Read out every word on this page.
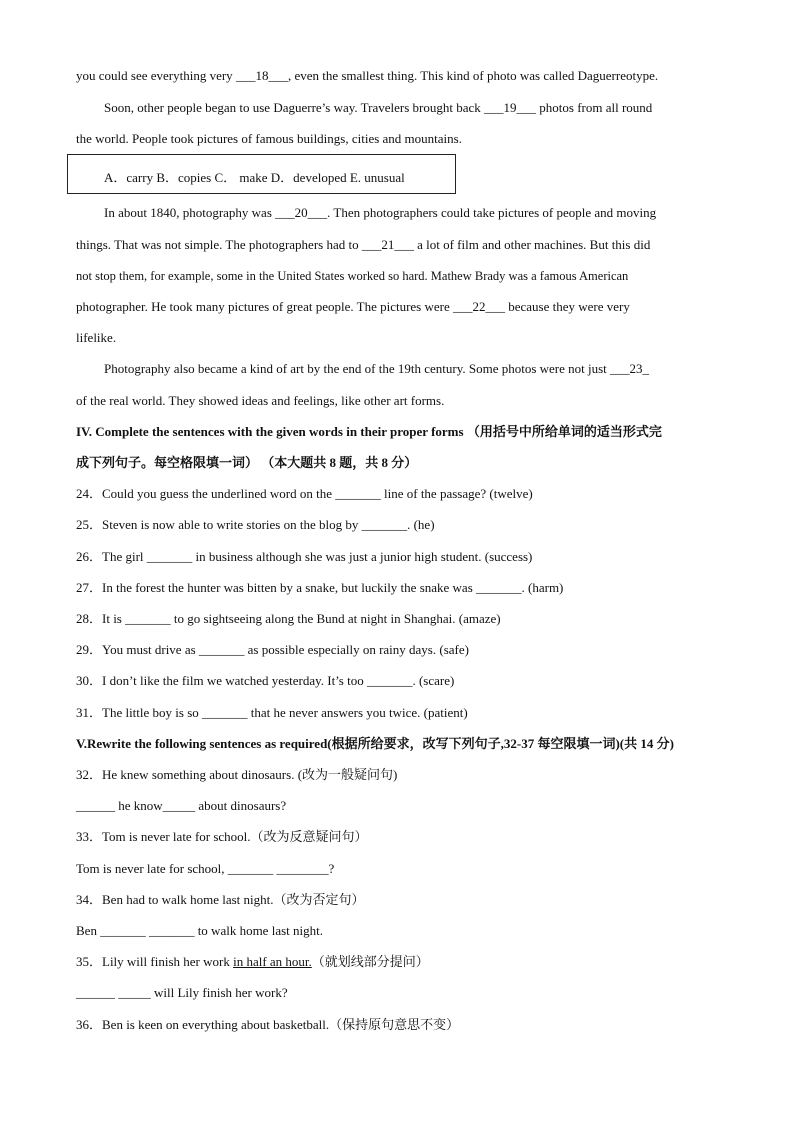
you could see everything very ___18___, even the smallest thing. This kind of photo was called Daguerreotype.
Soon, other people began to use Daguerre’s way. Travelers brought back ___19___ photos from all round
the world. People took pictures of famous buildings, cities and mountains.
A．carry B．copies C． make D．developed E. unusual
In about 1840, photography was ___20___. Then photographers could take pictures of people and moving
things. That was not simple. The photographers had to ___21___ a lot of film and other machines. But this did
not stop them, for example, some in the United States worked so hard. Mathew Brady was a famous American
photographer. He took many pictures of great people. The pictures were ___22___ because they were very
lifelike.
Photography also became a kind of art by the end of the 19th century. Some photos were not just ___23_
of the real world. They showed ideas and feelings, like other art forms.
IV. Complete the sentences with the given words in their proper forms （用括号中所给单词的适当形式完
成下列句子。每空格限填一词） （本大题共 8 题，共 8 分）
24．Could you guess the underlined word on the _______ line of the passage? (twelve)
25．Steven is now able to write stories on the blog by _______. (he)
26．The girl _______ in business although she was just a junior high student. (success)
27．In the forest the hunter was bitten by a snake, but luckily the snake was _______. (harm)
28．It is _______ to go sightseeing along the Bund at night in Shanghai. (amaze)
29．You must drive as _______ as possible especially on rainy days. (safe)
30．I don’t like the film we watched yesterday. It’s too _______. (scare)
31．The little boy is so _______ that he never answers you twice. (patient)
V.Rewrite the following sentences as required(根据所给要求，改写下列句子,32-37 每空限填一词)(共 14 分)
32．He knew something about dinosaurs. (改为一般疑问句)
______ he know_____ about dinosaurs?
33．Tom is never late for school.（改为反意疑问句）
Tom is never late for school, _______ ________?
34．Ben had to walk home last night.（改为否定句）
Ben _______ _______ to walk home last night.
35．Lily will finish her work in half an hour.（就划线部分提问）
______ _____ will Lily finish her work?
36．Ben is keen on everything about basketball.（保持原句意思不变）
